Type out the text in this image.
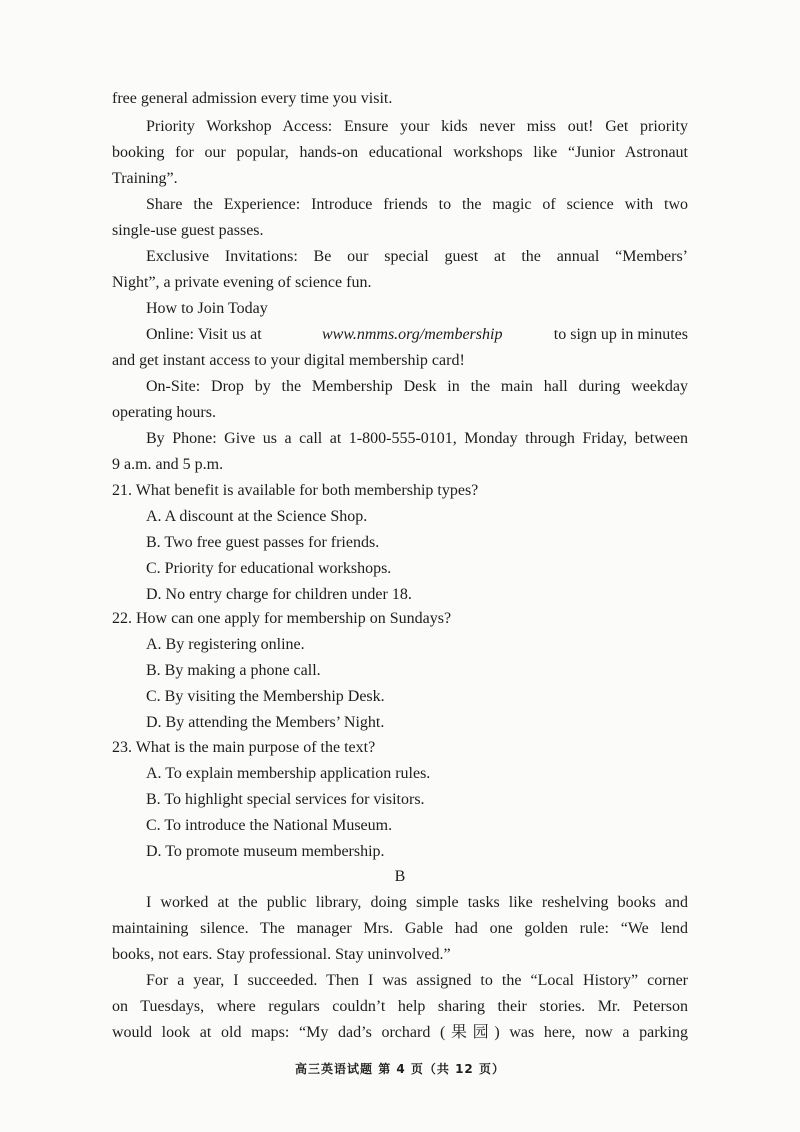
free general admission every time you visit.
Priority Workshop Access: Ensure your kids never miss out! Get priority
booking for our popular, hands-on educational workshops like “Junior Astronaut
Training”.
Share the Experience: Introduce friends to the magic of science with two
single-use guest passes.
Exclusive Invitations: Be our special guest at the annual “Members’
Night”, a private evening of science fun.
How to Join Today
Online: Visit us at	www.nmms.org/membership	to sign up in minutes
and get instant access to your digital membership card!
On-Site: Drop by the Membership Desk in the main hall during weekday
operating hours.
By Phone: Give us a call at 1-800-555-0101, Monday through Friday, between
9 a.m. and 5 p.m.
21. What benefit is available for both membership types?
A. A discount at the Science Shop.
B. Two free guest passes for friends.
C. Priority for educational workshops.
D. No entry charge for children under 18.
22. How can one apply for membership on Sundays?
A. By registering online.
B. By making a phone call.
C. By visiting the Membership Desk.
D. By attending the Members’ Night.
23. What is the main purpose of the text?
A. To explain membership application rules.
B. To highlight special services for visitors.
C. To introduce the National Museum.
D. To promote museum membership.
B
I worked at the public library, doing simple tasks like reshelving books and
maintaining silence. The manager Mrs. Gable had one golden rule: “We lend
books, not ears. Stay professional. Stay uninvolved.”
For a year, I succeeded. Then I was assigned to the “Local History” corner
on Tuesdays, where regulars couldn’t help sharing their stories. Mr. Peterson
would look at old maps: “My dad’s orchard (果园) was here, now a parking
高三英语试题 第 4 页（共 12 页）
